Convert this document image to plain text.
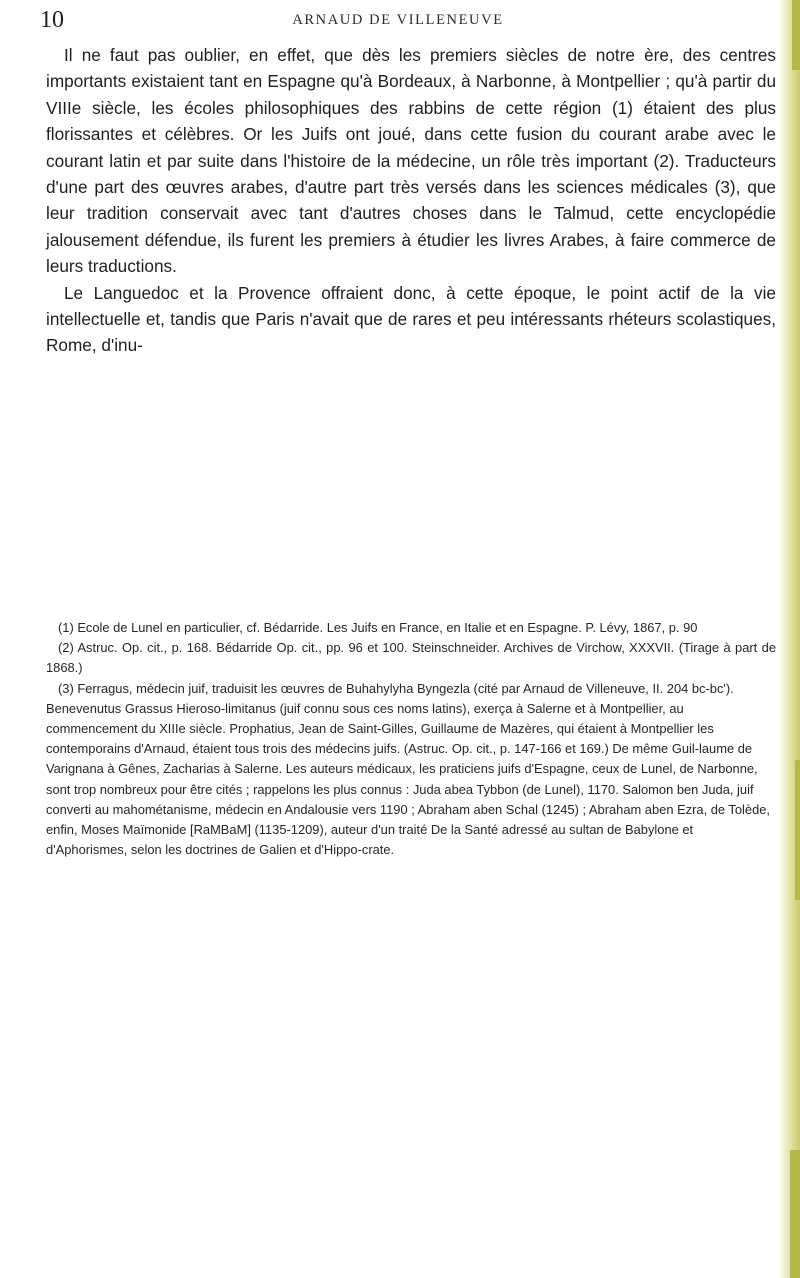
10	ARNAUD DE VILLENEUVE

Il ne faut pas oublier, en effet, que dès les premiers siècles de notre ère, des centres importants existaient tant en Espagne qu'à Bordeaux, à Narbonne, à Montpellier ; qu'à partir du VIIIe siècle, les écoles philosophiques des rabbins de cette région (1) étaient des plus florissantes et célèbres. Or les Juifs ont joué, dans cette fusion du courant arabe avec le courant latin et par suite dans l'histoire de la médecine, un rôle très important (2). Traducteurs d'une part des œuvres arabes, d'autre part très versés dans les sciences médicales (3), que leur tradition conservait avec tant d'autres choses dans le Talmud, cette encyclopédie jalousement défendue, ils furent les premiers à étudier les livres Arabes, à faire commerce de leurs traductions.

Le Languedoc et la Provence offraient donc, à cette époque, le point actif de la vie intellectuelle et, tandis que Paris n'avait que de rares et peu intéressants rhéteurs scolastiques, Rome, d'inu-

(1) Ecole de Lunel en particulier, cf. Bédarride. Les Juifs en France, en Italie et en Espagne. P. Lévy, 1867, p. 90

(2) Astruc. Op. cit., p. 168. Bédarride Op. cit., pp. 96 et 100. Steinschneider. Archives de Virchow, XXXVII. (Tirage à part de 1868.)

(3) Ferragus, médecin juif, traduisit les œuvres de Buhahylyha Byngezla (cité par Arnaud de Villeneuve, II. 204 bc-bc'). Benevenutus Grassus Hieroso-limitanus (juif connu sous ces noms latins), exerça à Salerne et à Montpellier, au commencement du XIIIe siècle. Prophatius, Jean de Saint-Gilles, Guillaume de Mazères, qui étaient à Montpellier les contemporains d'Arnaud, étaient tous trois des médecins juifs. (Astruc. Op. cit., p. 147-166 et 169.) De même Guil-laume de Varignana à Gênes, Zacharias à Salerne. Les auteurs médicaux, les praticiens juifs d'Espagne, ceux de Lunel, de Narbonne, sont trop nombreux pour être cités ; rappelons les plus connus : Juda abea Tybbon (de Lunel), 1170. Salomon ben Juda, juif converti au mahométanisme, médecin en Andalousie vers 1190 ; Abraham aben Schal (1245) ; Abraham aben Ezra, de Tolède, enfin, Moses Maïmonide [RaMBaM] (1135-1209), auteur d'un traité De la Santé adressé au sultan de Babylone et d'Aphorismes, selon les doctrines de Galien et d'Hippo-crate.
